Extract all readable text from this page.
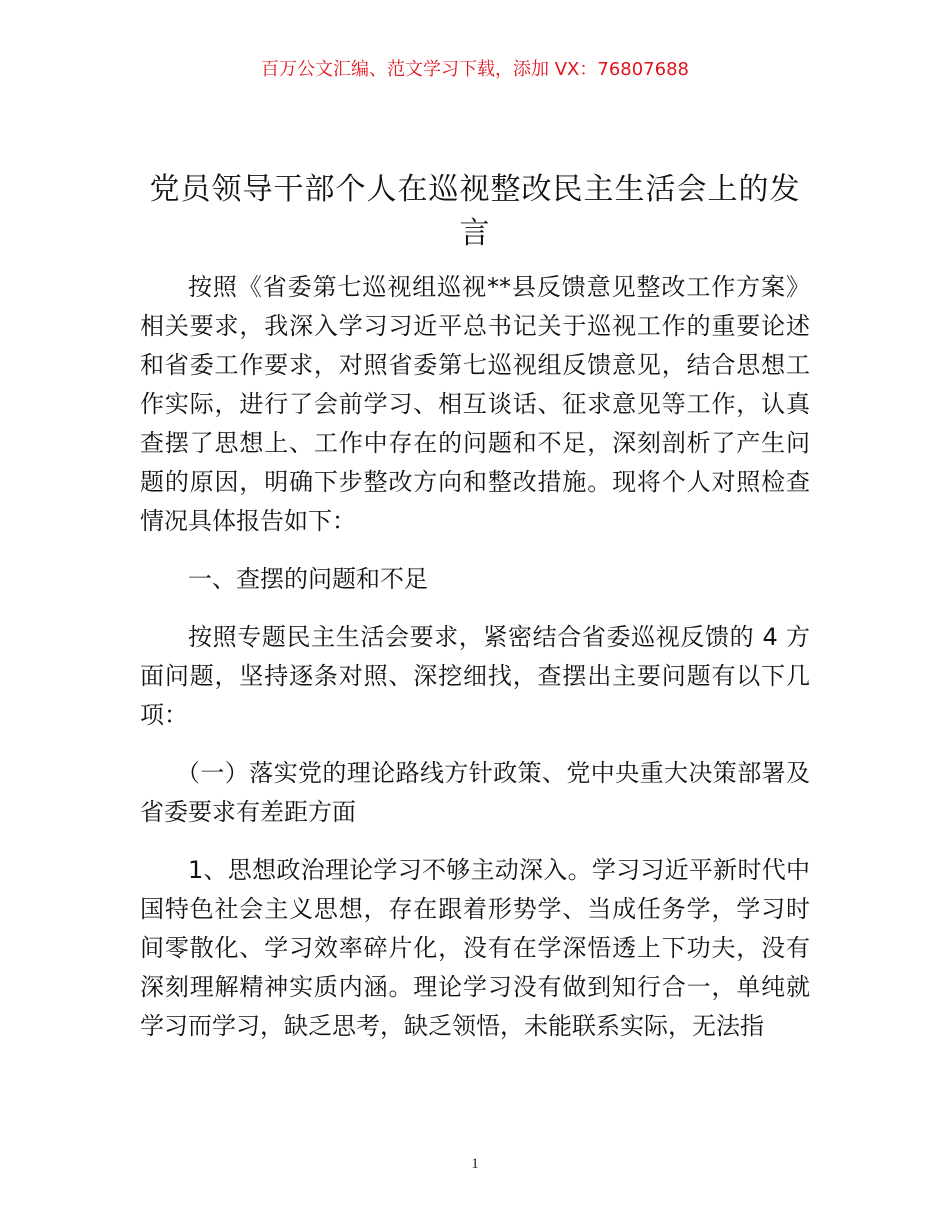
百万公文汇编、范文学习下载，添加 VX：76807688
党员领导干部个人在巡视整改民主生活会上的发言

按照《省委第七巡视组巡视**县反馈意见整改工作方案》相关要求，我深入学习习近平总书记关于巡视工作的重要论述和省委工作要求，对照省委第七巡视组反馈意见，结合思想工作实际，进行了会前学习、相互谈话、征求意见等工作，认真查摆了思想上、工作中存在的问题和不足，深刻剖析了产生问题的原因，明确下步整改方向和整改措施。现将个人对照检查情况具体报告如下：

一、查摆的问题和不足

按照专题民主生活会要求，紧密结合省委巡视反馈的 4 方面问题，坚持逐条对照、深挖细找，查摆出主要问题有以下几项：

（一）落实党的理论路线方针政策、党中央重大决策部署及省委要求有差距方面

1、思想政治理论学习不够主动深入。学习习近平新时代中国特色社会主义思想，存在跟着形势学、当成任务学，学习时间零散化、学习效率碎片化，没有在学深悟透上下功夫，没有深刻理解精神实质内涵。理论学习没有做到知行合一，单纯就学习而学习，缺乏思考，缺乏领悟，未能联系实际，无法指

1
